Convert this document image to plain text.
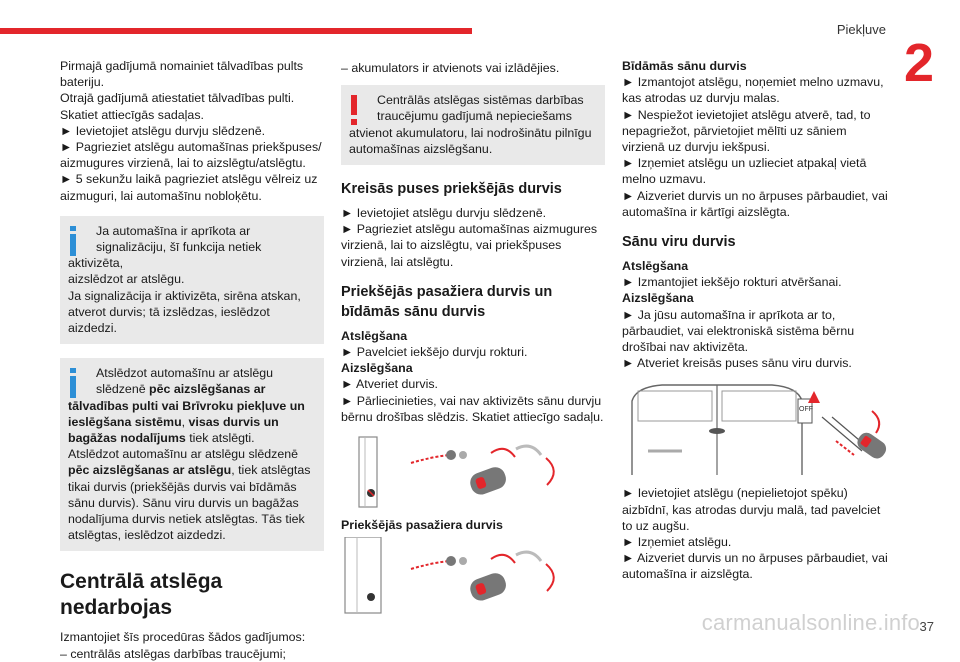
Piekļuve
2

Pirmajā gadījumā nomainiet tālvadības pults baterіju.

Otrajā gadījumā atiestatiet tālvadības pulti.

Skatiet attiecīgās sadaļas.

► Ievietojiet atslēgu durvju slēdzenē.

► Pagrieziet atslēgu automašīnas priekšpuses/ aizmugures virzienā, lai to aizslēgtu/atslēgtu.

► 5 sekunžu laikā pagrieziet atslēgu vēlreiz uz aizmuguri, lai automašīnu nobloķētu.

Ja automašīna ir aprīkota ar

signalizāciju, šī funkcija netiek aktivizēta,

aizslēdzot ar atslēgu.

Ja signalizācija ir aktivizēta, sirēna atskan, atverot durvis; tā izslēdzas, ieslēdzot aizdedzi.

Atslēdzot automašīnu ar atslēgu

slēdzenē pēc aizslēgšanas ar

tālvadības pulti vai Brīvroku piekļuve un ieslēgšana sistēmu, visas durvis un bagāžas nodalījums tiek atslēgti.

Atslēdzot automašīnu ar atslēgu slēdzenē pēc aizslēgšanas ar atslēgu, tiek atslēgtas tikai durvis (priekšējās durvis vai bīdāmās sānu durvis). Sānu viru durvis un bagāžas nodalījuma durvis netiek atslēgtas. Tās tiek atslēgtas, ieslēdzot aizdedzi.

Centrālā atslēga nedarbojas

Izmantojiet šīs procedūras šādos gadījumos:

– centrālās atslēgas darbības traucējumi;

– akumulators ir atvienots vai izlādējies.

Centrālās atslēgas sistēmas darbības

traucējumu gadījumā nepieciešams

atvienot akumulatoru, lai nodrošinātu pilnīgu automašīnas aizslēgšanu.

Kreisās puses priekšējās durvis

► Ievietojiet atslēgu durvju slēdzenē.

► Pagrieziet atslēgu automašīnas aizmugures virzienā, lai to aizslēgtu, vai priekšpuses virzienā, lai atslēgtu.

Priekšējās pasažiera durvis un bīdāmās sānu durvis

Atslēgšana

► Pavelciet iekšējo durvju rokturi.

Aizslēgšana

► Atveriet durvis.

► Pārliecinieties, vai nav aktivizēts sānu durvju bērnu drošības slēdzis. Skatiet attiecīgo sadaļu.

Priekšējās pasažiera durvis

Bīdāmās sānu durvis

► Izmantojot atslēgu, noņemiet melno uzmavu, kas atrodas uz durvju malas.

► Nespiežot ievietojiet atslēgu atverē, tad, to nepagriežot, pārvietojiet mēlīti uz sāniem virzienā uz durvju iekšpusi.

► Izņemiet atslēgu un uzlieciet atpakaļ vietā melno uzmavu.

► Aizveriet durvis un no ārpuses pārbaudiet, vai automašīna ir kārtīgi aizslēgta.

Sānu viru durvis

Atslēgšana

► Izmantojiet iekšējo rokturi atvēršanai.

Aizslēgšana

► Ja jūsu automašīna ir aprīkota ar to, pārbaudiet, vai elektroniskā sistēma bērnu drošībai nav aktivizēta.

► Atveriet kreisās puses sānu viru durvis.

OFF

► Ievietojiet atslēgu (nepielietojot spēku) aizbīdnī, kas atrodas durvju malā, tad pavelciet to uz augšu.

► Izņemiet atslēgu.

► Aizveriet durvis un no ārpuses pārbaudiet, vai automašīna ir aizslēgta.

carmanualsonline.info 37
